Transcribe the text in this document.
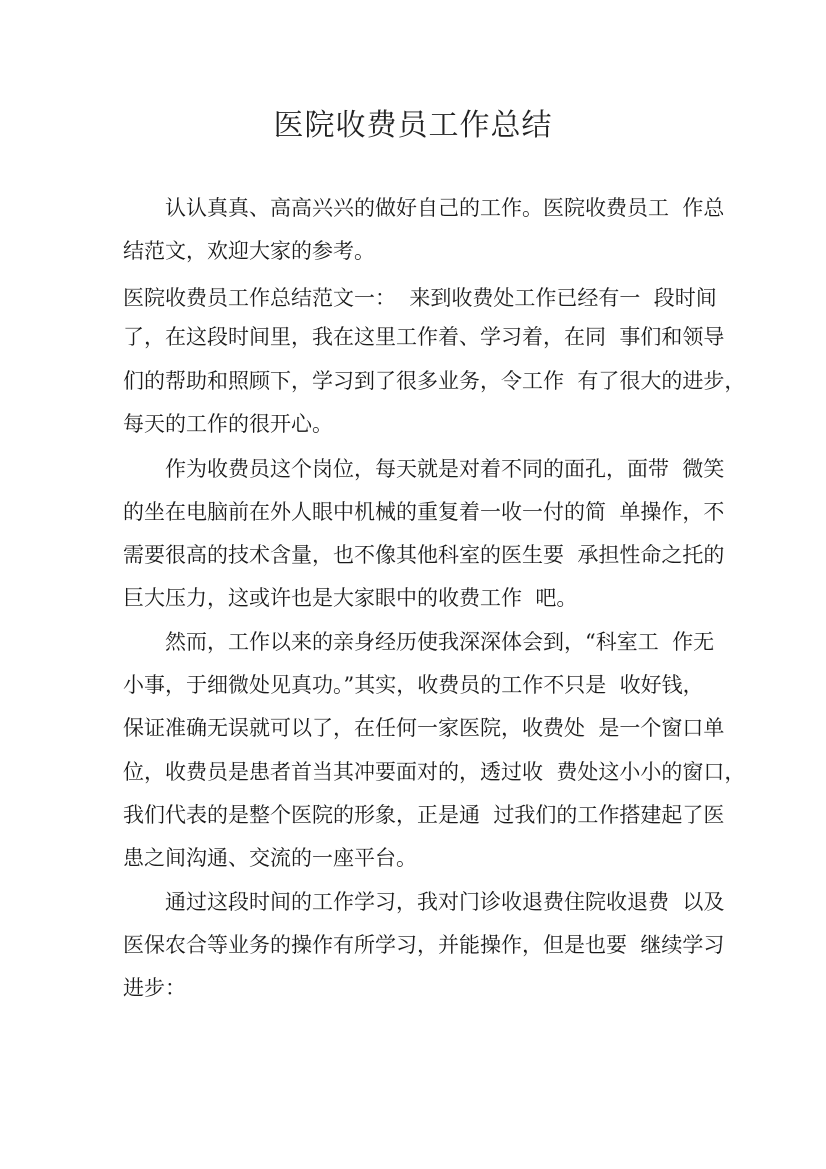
医院收费员工作总结
认认真真、高高兴兴的做好自己的工作。医院收费员工  作总
结范文，欢迎大家的参考。
医院收费员工作总结范文一：  来到收费处工作已经有一  段时间
了，在这段时间里，我在这里工作着、学习着，在同  事们和领导
们的帮助和照顾下，学习到了很多业务，令工作  有了很大的进步，
每天的工作的很开心。
作为收费员这个岗位，每天就是对着不同的面孔，面带  微笑
的坐在电脑前在外人眼中机械的重复着一收一付的简  单操作，不
需要很高的技术含量，也不像其他科室的医生要  承担性命之托的
巨大压力，这或许也是大家眼中的收费工作  吧。
然而，工作以来的亲身经历使我深深体会到，“科室工  作无
小事，于细微处见真功。”其实，收费员的工作不只是  收好钱，
保证准确无误就可以了，在任何一家医院，收费处  是一个窗口单
位，收费员是患者首当其冲要面对的，透过收  费处这小小的窗口，
我们代表的是整个医院的形象，正是通  过我们的工作搭建起了医
患之间沟通、交流的一座平台。
通过这段时间的工作学习，我对门诊收退费住院收退费  以及
医保农合等业务的操作有所学习，并能操作，但是也要  继续学习
进步：
